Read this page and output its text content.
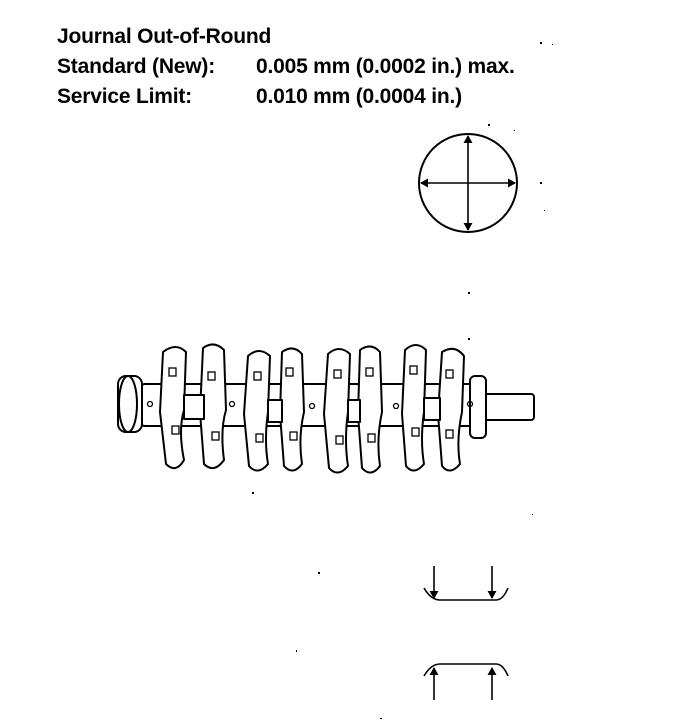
Journal Out-of-Round
Standard (New): 0.005 mm (0.0002 in.) max.
Service Limit:	0.010 mm (0.0004 in.)
